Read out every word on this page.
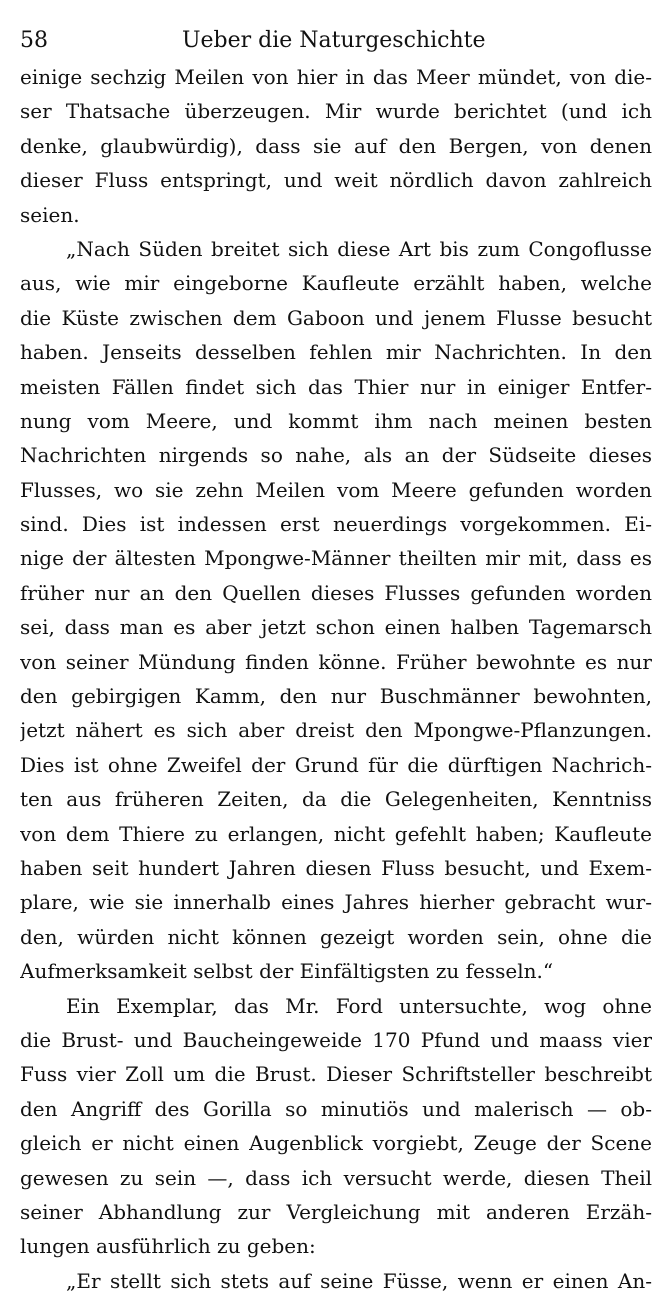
58	Ueber die Naturgeschichte
einige sechzig Meilen von hier in das Meer mündet, von die-
ser Thatsache überzeugen. Mir wurde berichtet (und ich
denke, glaubwürdig), dass sie auf den Bergen, von denen
dieser Fluss entspringt, und weit nördlich davon zahlreich
seien.
„Nach Süden breitet sich diese Art bis zum Congoflusse
aus, wie mir eingeborne Kaufleute erzählt haben, welche
die Küste zwischen dem Gaboon und jenem Flusse besucht
haben. Jenseits desselben fehlen mir Nachrichten. In den
meisten Fällen findet sich das Thier nur in einiger Entfer-
nung vom Meere, und kommt ihm nach meinen besten
Nachrichten nirgends so nahe, als an der Südseite dieses
Flusses, wo sie zehn Meilen vom Meere gefunden worden
sind. Dies ist indessen erst neuerdings vorgekommen. Ei-
nige der ältesten Mpongwe-Männer theilten mir mit, dass es
früher nur an den Quellen dieses Flusses gefunden worden
sei, dass man es aber jetzt schon einen halben Tagemarsch
von seiner Mündung finden könne. Früher bewohnte es nur
den gebirgigen Kamm, den nur Buschmänner bewohnten,
jetzt nähert es sich aber dreist den Mpongwe-Pflanzungen.
Dies ist ohne Zweifel der Grund für die dürftigen Nachrich-
ten aus früheren Zeiten, da die Gelegenheiten, Kenntniss
von dem Thiere zu erlangen, nicht gefehlt haben; Kaufleute
haben seit hundert Jahren diesen Fluss besucht, und Exem-
plare, wie sie innerhalb eines Jahres hierher gebracht wur-
den, würden nicht können gezeigt worden sein, ohne die
Aufmerksamkeit selbst der Einfältigsten zu fesseln.“
Ein Exemplar, das Mr. Ford untersuchte, wog ohne
die Brust- und Baucheingeweide 170 Pfund und maass vier
Fuss vier Zoll um die Brust. Dieser Schriftsteller beschreibt
den Angriff des Gorilla so minutiös und malerisch — ob-
gleich er nicht einen Augenblick vorgiebt, Zeuge der Scene
gewesen zu sein —, dass ich versucht werde, diesen Theil
seiner Abhandlung zur Vergleichung mit anderen Erzäh-
lungen ausführlich zu geben:
„Er stellt sich stets auf seine Füsse, wenn er einen An-
